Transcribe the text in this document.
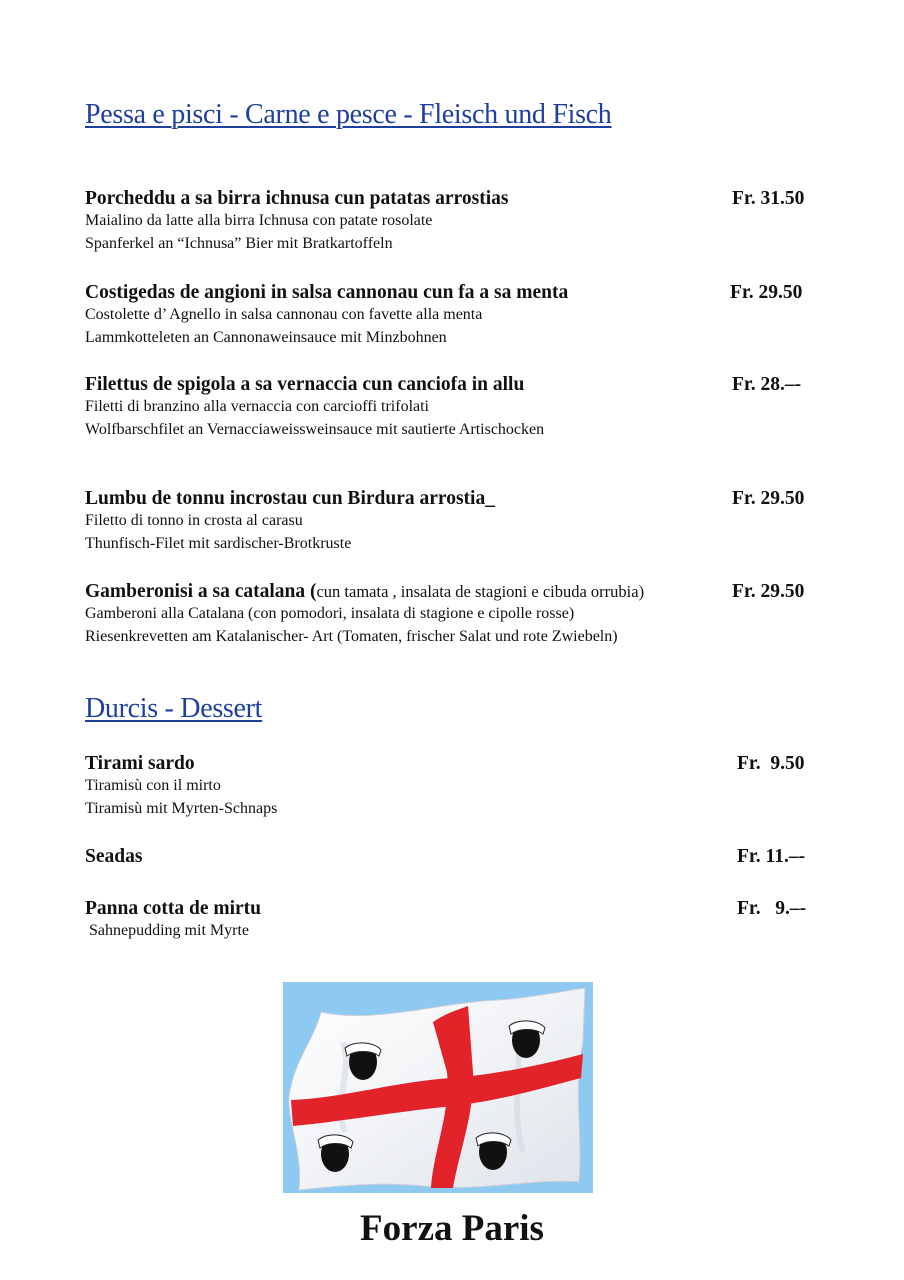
Pessa e pisci - Carne e pesce - Fleisch und Fisch
Porcheddu a sa birra ichnusa cun patatas arrostias	Fr. 31.50
Maialino da latte alla birra Ichnusa con patate rosolate
Spanferkel an “Ichnusa” Bier mit Bratkartoffeln
Costigedas de angioni in salsa cannonau cun fa a sa menta	Fr. 29.50
Costolette d’ Agnello in salsa cannonau con favette alla menta
Lammkotteleten an Cannonaweinsauce mit Minzbohnen
Filettus de spigola a sa vernaccia cun canciofa in allu	Fr. 28.–-
Filetti di branzino alla vernaccia con carcioffi trifolati
Wolfbarschfilet an Vernacciaweissweinsauce mit sautierte Artischocken
Lumbu de tonnu incrostau cun Birdura arrostia_	Fr. 29.50
Filetto di tonno in crosta al carasu
Thunfisch-Filet mit sardischer-Brotkruste
Gamberonisi a sa catalana (cun tamata , insalata de stagioni e cibuda orrubia)	Fr. 29.50
Gamberoni alla Catalana (con pomodori, insalata di stagione e cipolle rosse)
Riesenkrevetten am Katalanischer- Art (Tomaten, frischer Salat und rote Zwiebeln)
Durcis - Dessert
Tirami sardo	Fr.  9.50
Tiramisù con il mirto
Tiramisù mit Myrten-Schnaps
Seadas	Fr. 11.–-
Panna cotta de mirtu	Fr.   9.–-
Sahnepudding mit Myrte
Forza Paris
